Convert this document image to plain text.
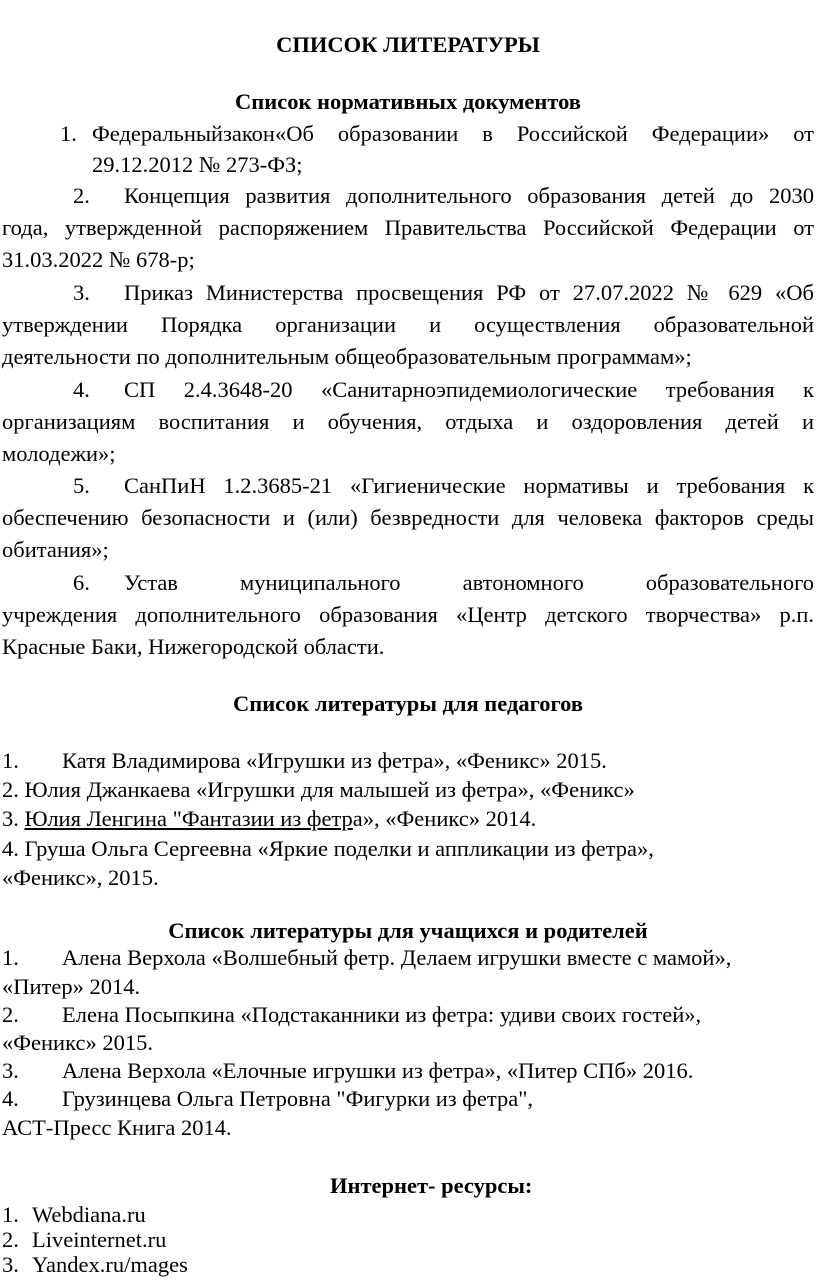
СПИСОК ЛИТЕРАТУРЫ
Список нормативных документов
1. Федеральныйзакон«Об образовании в Российской Федерации» от
29.12.2012 № 273-ФЗ;
2. Концепция развития дополнительного образования детей до 2030
года, утвержденной распоряжением Правительства Российской Федерации от
31.03.2022 № 678-р;
3. Приказ Министерства просвещения РФ от 27.07.2022 № 629 «Об
утверждении Порядка организации и осуществления образовательной
деятельности по дополнительным общеобразовательным программам»;
4. СП 2.4.3648-20 «Санитарноэпидемиологические требования к
организациям воспитания и обучения, отдыха и оздоровления детей и
молодежи»;
5. СанПиН 1.2.3685-21 «Гигиенические нормативы и требования к
обеспечению безопасности и (или) безвредности для человека факторов среды
обитания»;
6. Устав муниципального автономного образовательного
учреждения дополнительного образования «Центр детского творчества» р.п.
Красные Баки, Нижегородской области.
Список литературы для педагогов
1. Катя Владимирова «Игрушки из фетра», «Феникс» 2015.
2. Юлия Джанкаева «Игрушки для малышей из фетра», «Феникс»
3. Юлия Ленгина "Фантазии из фетра», «Феникс» 2014.
4. Груша Ольга Сергеевна «Яркие поделки и аппликации из фетра»,
«Феникс», 2015.
Список литературы для учащихся и родителей
1. Алена Верхола «Волшебный фетр. Делаем игрушки вместе с мамой»,
«Питер» 2014.
2. Елена Посыпкина «Подстаканники из фетра: удиви своих гостей»,
«Феникс» 2015.
3. Алена Верхола «Елочные игрушки из фетра», «Питер СПб» 2016.
4. Грузинцева Ольга Петровна "Фигурки из фетра",
АСТ-Пресс Книга 2014.
Интернет- ресурсы:
1. Webdiana.ru
2. Liveinternet.ru
3. Yandex.ru/mages
